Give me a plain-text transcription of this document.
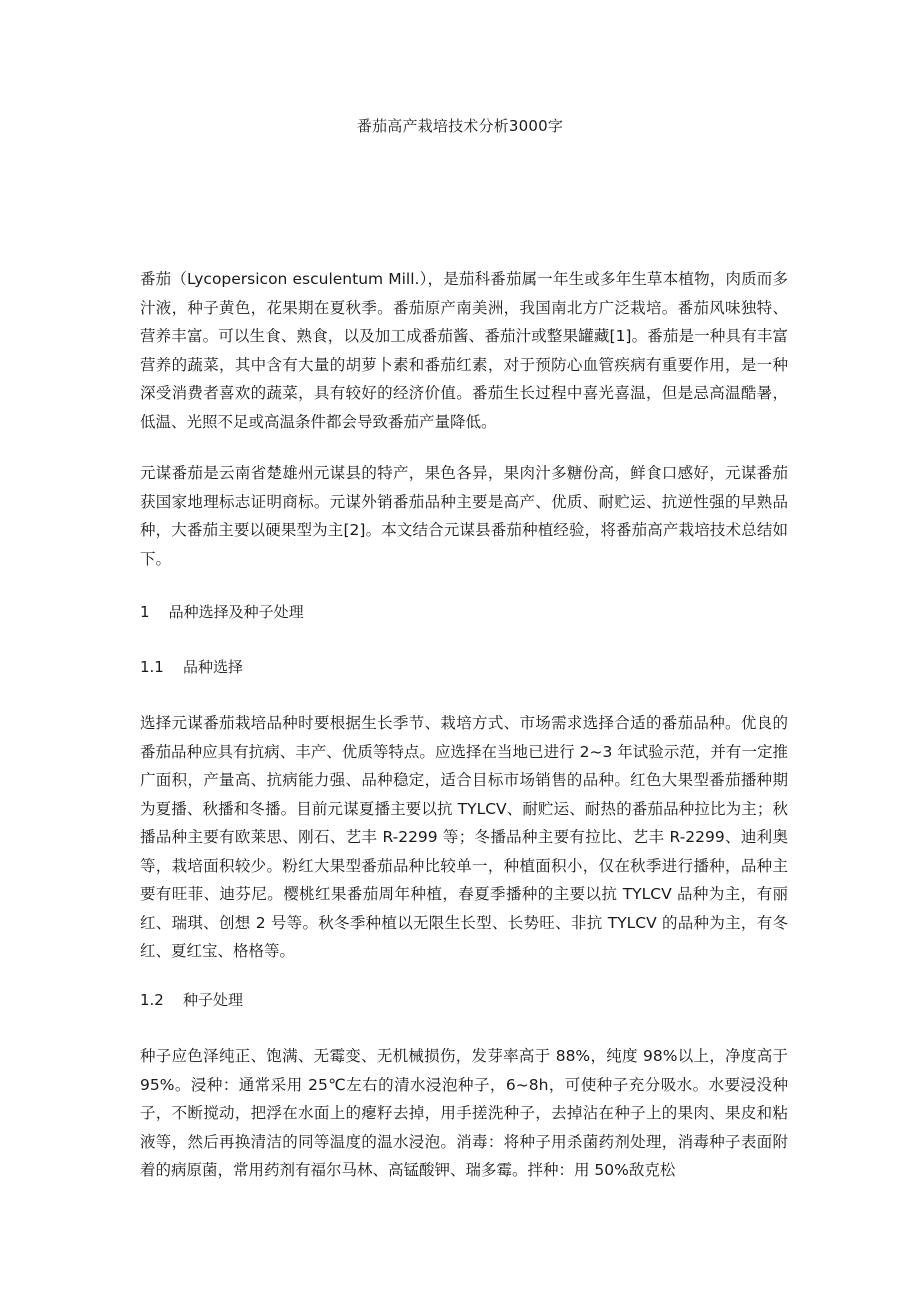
番茄高产栽培技术分析3000字

番茄（Lycopersicon esculentum Mill.），是茄科番茄属一年生或多年生草本植物，肉质而多汁液，种子黄色，花果期在夏秋季。番茄原产南美洲，我国南北方广泛栽培。番茄风味独特、营养丰富。可以生食、熟食，以及加工成番茄酱、番茄汁或整果罐藏[1]。番茄是一种具有丰富营养的蔬菜，其中含有大量的胡萝卜素和番茄红素，对于预防心血管疾病有重要作用，是一种深受消费者喜欢的蔬菜，具有较好的经济价值。番茄生长过程中喜光喜温，但是忌高温酷暑，低温、光照不足或高温条件都会导致番茄产量降低。

元谋番茄是云南省楚雄州元谋县的特产，果色各异，果肉汁多糖份高，鲜食口感好，元谋番茄获国家地理标志证明商标。元谋外销番茄品种主要是高产、优质、耐贮运、抗逆性强的早熟品种，大番茄主要以硬果型为主[2]。本文结合元谋县番茄种植经验，将番茄高产栽培技术总结如下。

1 品种选择及种子处理
1.1 品种选择

选择元谋番茄栽培品种时要根据生长季节、栽培方式、市场需求选择合适的番茄品种。优良的番茄品种应具有抗病、丰产、优质等特点。应选择在当地已进行 2~3 年试验示范，并有一定推广面积，产量高、抗病能力强、品种稳定，适合目标市场销售的品种。红色大果型番茄播种期为夏播、秋播和冬播。目前元谋夏播主要以抗 TYLCV、耐贮运、耐热的番茄品种拉比为主；秋播品种主要有欧莱思、刚石、艺丰 R-2299 等；冬播品种主要有拉比、艺丰 R-2299、迪利奥等，栽培面积较少。粉红大果型番茄品种比较单一，种植面积小，仅在秋季进行播种，品种主要有旺菲、迪芬尼。樱桃红果番茄周年种植，春夏季播种的主要以抗 TYLCV 品种为主，有丽红、瑞琪、创想 2 号等。秋冬季种植以无限生长型、长势旺、非抗 TYLCV 的品种为主，有冬红、夏红宝、格格等。

1.2 种子处理

种子应色泽纯正、饱满、无霉变、无机械损伤，发芽率高于 88%，纯度 98%以上，净度高于 95%。浸种：通常采用 25℃左右的清水浸泡种子，6~8h，可使种子充分吸水。水要浸没种子，不断搅动，把浮在水面上的瘪籽去掉，用手搓洗种子，去掉沾在种子上的果肉、果皮和粘液等，然后再换清洁的同等温度的温水浸泡。消毒：将种子用杀菌药剂处理，消毒种子表面附着的病原菌，常用药剂有福尔马林、高锰酸钾、瑞多霉。拌种：用 50%敌克松
